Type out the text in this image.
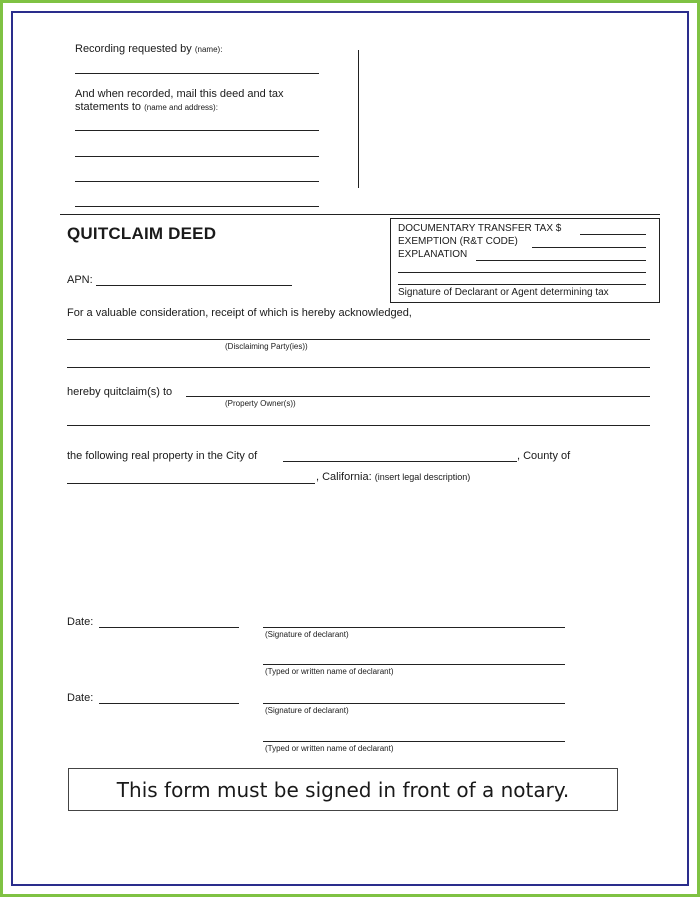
Recording requested by (name):
And when recorded, mail this deed and tax
statements to (name and address):
QUITCLAIM DEED	DOCUMENTARY TRANSFER TAX $
EXEMPTION (R&T CODE)
EXPLANATION
Signature of Declarant or Agent determining tax
APN:
For a valuable consideration, receipt of which is hereby acknowledged,
(Disclaiming Party(ies))
hereby quitclaim(s) to
(Property Owner(s))
the following real property in the City of	, County of
, California: (insert legal description)
Date:
(Signature of declarant)
(Typed or written name of declarant)
Date:
(Signature of declarant)
(Typed or written name of declarant)
This form must be signed in front of a notary.
